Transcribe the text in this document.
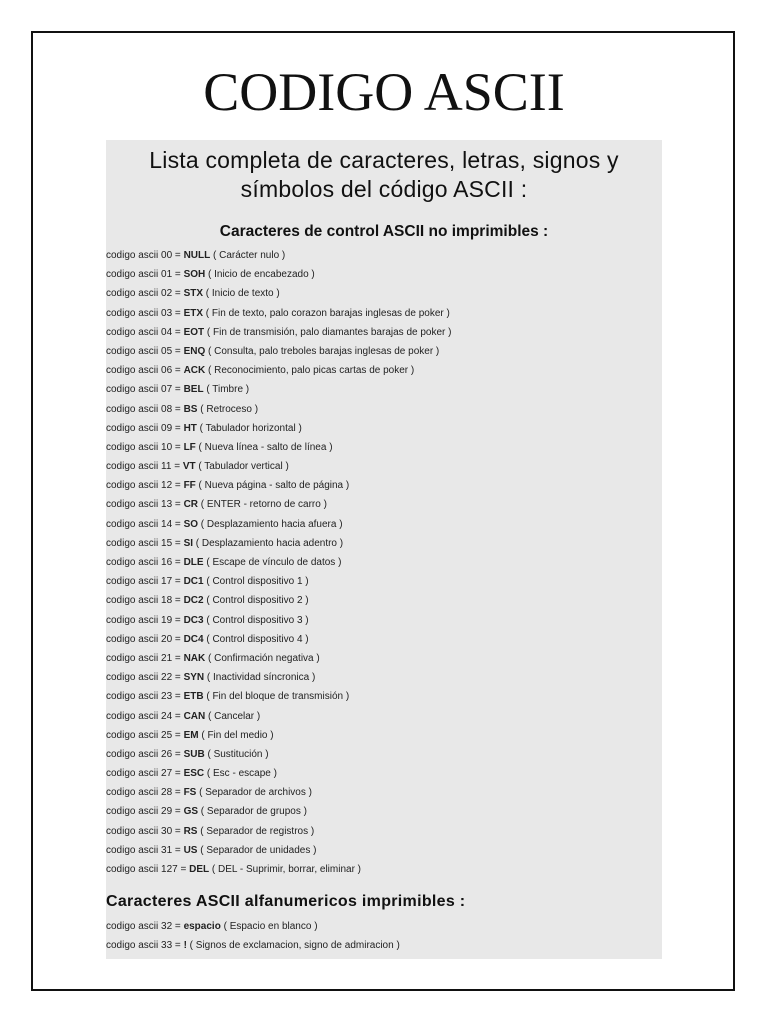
CODIGO ASCII
Lista completa de caracteres, letras, signos y símbolos del código ASCII :
Caracteres de control ASCII no imprimibles :
codigo ascii 00 = NULL ( Carácter nulo )
codigo ascii 01 = SOH ( Inicio de encabezado )
codigo ascii 02 = STX ( Inicio de texto )
codigo ascii 03 = ETX ( Fin de texto, palo corazon barajas inglesas de poker )
codigo ascii 04 = EOT ( Fin de transmisión, palo diamantes barajas de poker )
codigo ascii 05 = ENQ ( Consulta, palo treboles barajas inglesas de poker )
codigo ascii 06 = ACK ( Reconocimiento, palo picas cartas de poker )
codigo ascii 07 = BEL ( Timbre )
codigo ascii 08 = BS ( Retroceso )
codigo ascii 09 = HT ( Tabulador horizontal )
codigo ascii 10 = LF ( Nueva línea - salto de línea )
codigo ascii 11 = VT ( Tabulador vertical )
codigo ascii 12 = FF ( Nueva página - salto de página )
codigo ascii 13 = CR ( ENTER - retorno de carro )
codigo ascii 14 = SO ( Desplazamiento hacia afuera )
codigo ascii 15 = SI ( Desplazamiento hacia adentro )
codigo ascii 16 = DLE ( Escape de vínculo de datos )
codigo ascii 17 = DC1 ( Control dispositivo 1 )
codigo ascii 18 = DC2 ( Control dispositivo 2 )
codigo ascii 19 = DC3 ( Control dispositivo 3 )
codigo ascii 20 = DC4 ( Control dispositivo 4 )
codigo ascii 21 = NAK ( Confirmación negativa )
codigo ascii 22 = SYN ( Inactividad síncronica )
codigo ascii 23 = ETB ( Fin del bloque de transmisión )
codigo ascii 24 = CAN ( Cancelar )
codigo ascii 25 = EM ( Fin del medio )
codigo ascii 26 = SUB ( Sustitución )
codigo ascii 27 = ESC ( Esc - escape )
codigo ascii 28 = FS ( Separador de archivos )
codigo ascii 29 = GS ( Separador de grupos )
codigo ascii 30 = RS ( Separador de registros )
codigo ascii 31 = US ( Separador de unidades )
codigo ascii 127 = DEL ( DEL - Suprimir, borrar, eliminar )
Caracteres ASCII alfanumericos imprimibles :
codigo ascii 32 = espacio ( Espacio en blanco )
codigo ascii 33 = ! ( Signos de exclamacion, signo de admiracion )
